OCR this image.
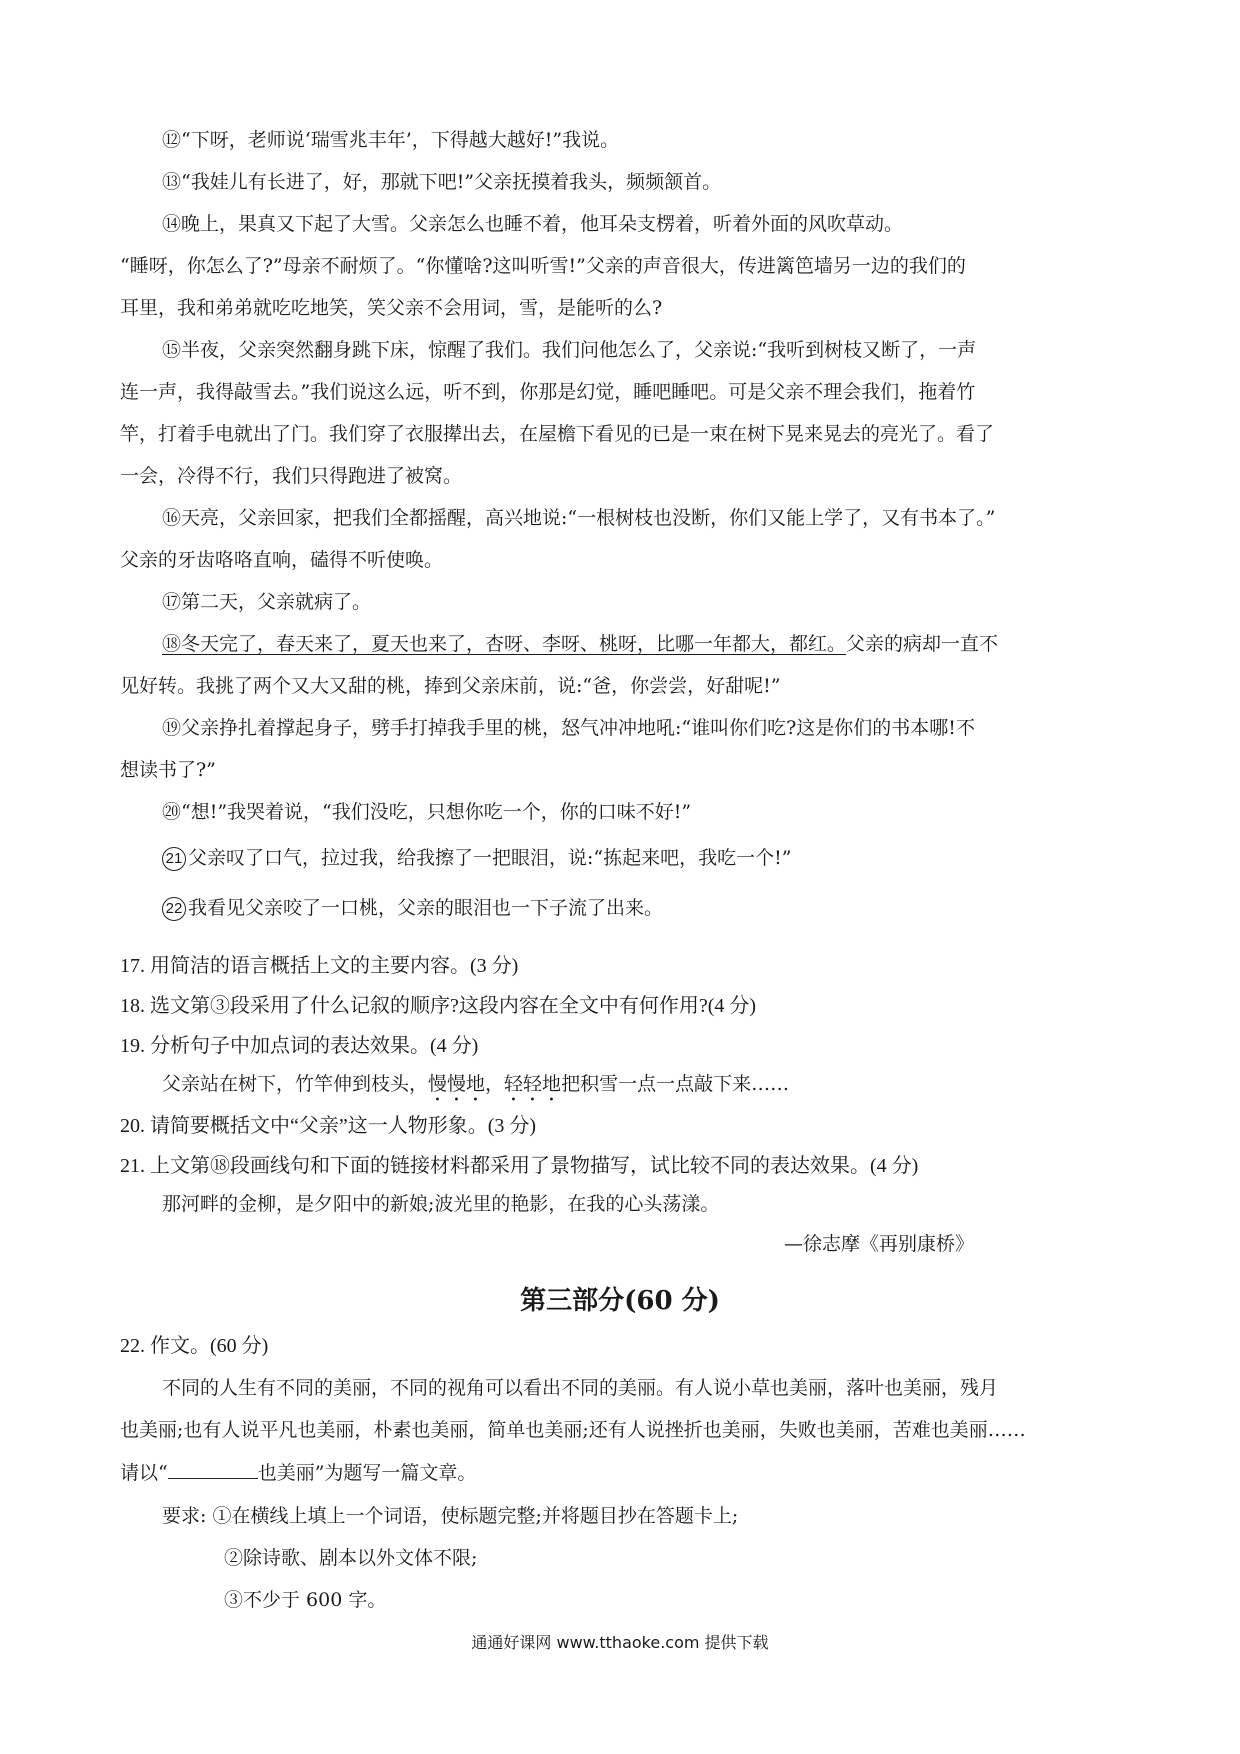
⑫“下呀，老师说‘瑞雪兆丰年’，下得越大越好!”我说。
⑬“我娃儿有长进了，好，那就下吧!”父亲抚摸着我头，频频颔首。
⑭晚上，果真又下起了大雪。父亲怎么也睡不着，他耳朵支楞着，听着外面的风吹草动。
“睡呀，你怎么了?”母亲不耐烦了。“你懂啥?这叫听雪!”父亲的声音很大，传进篱笆墙另一边的我们的
耳里，我和弟弟就吃吃地笑，笑父亲不会用词，雪，是能听的么?
⑮半夜，父亲突然翻身跳下床，惊醒了我们。我们问他怎么了，父亲说:“我听到树枝又断了，一声
连一声，我得敲雪去。”我们说这么远，听不到，你那是幻觉，睡吧睡吧。可是父亲不理会我们，拖着竹
竿，打着手电就出了门。我们穿了衣服撵出去，在屋檐下看见的已是一束在树下晃来晃去的亮光了。看了
一会，冷得不行，我们只得跑进了被窝。
⑯天亮，父亲回家，把我们全都摇醒，高兴地说:“一根树枝也没断，你们又能上学了，又有书本了。”
父亲的牙齿咯咯直响，磕得不听使唤。
⑰第二天，父亲就病了。
⑱冬天完了，春天来了，夏天也来了，杏呀、李呀、桃呀，比哪一年都大，都红。父亲的病却一直不
见好转。我挑了两个又大又甜的桃，捧到父亲床前，说:“爸，你尝尝，好甜呢!”
⑲父亲挣扎着撑起身子，劈手打掉我手里的桃，怒气冲冲地吼:“谁叫你们吃?这是你们的书本哪!不
想读书了?”
⑳“想!”我哭着说，“我们没吃，只想你吃一个，你的口味不好!”
21 父亲叹了口气，拉过我，给我擦了一把眼泪，说:“拣起来吧，我吃一个!”
22 我看见父亲咬了一口桃，父亲的眼泪也一下子流了出来。
17. 用简洁的语言概括上文的主要内容。(3 分)
18. 选文第③段采用了什么记叙的顺序?这段内容在全文中有何作用?(4 分)
19. 分析句子中加点词的表达效果。(4 分)
父亲站在树下，竹竿伸到枝头，慢慢地，轻轻地把积雪一点一点敲下来……
20. 请简要概括文中“父亲”这一人物形象。(3 分)
21. 上文第⑱段画线句和下面的链接材料都采用了景物描写，试比较不同的表达效果。(4 分)
那河畔的金柳，是夕阳中的新娘;波光里的艳影，在我的心头荡漾。
—徐志摩《再别康桥》
第三部分(60 分)
22. 作文。(60 分)
不同的人生有不同的美丽，不同的视角可以看出不同的美丽。有人说小草也美丽，落叶也美丽，残月
也美丽;也有人说平凡也美丽，朴素也美丽，简单也美丽;还有人说挫折也美丽，失败也美丽，苦难也美丽……
请以“	也美丽”为题写一篇文章。
要求: ①在横线上填上一个词语，使标题完整;并将题目抄在答题卡上;
②除诗歌、剧本以外文体不限;
③不少于 600 字。
通通好课网 www.tthaoke.com 提供下载
